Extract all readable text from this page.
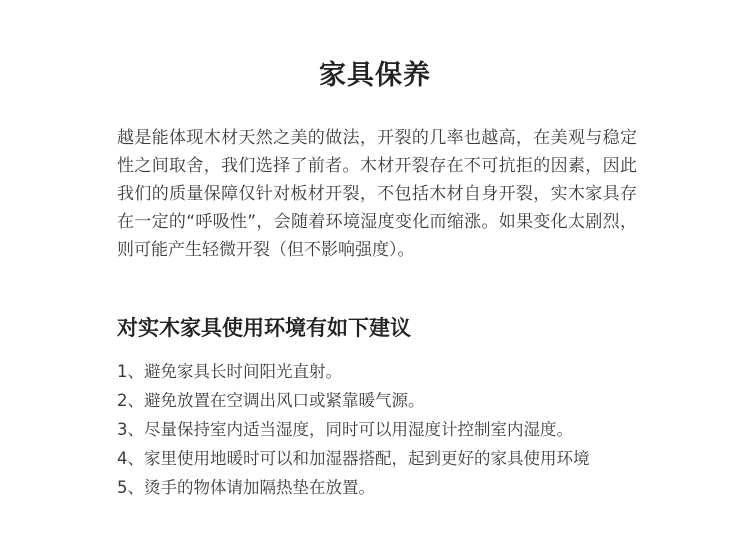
家具保养

越是能体现木材天然之美的做法，开裂的几率也越高，在美观与稳定性之间取舍，我们选择了前者。木材开裂存在不可抗拒的因素，因此我们的质量保障仅针对板材开裂，不包括木材自身开裂，实木家具存在一定的“呼吸性”，会随着环境湿度变化而缩涨。如果变化太剧烈，则可能产生轻微开裂（但不影响强度）。

对实木家具使用环境有如下建议
1、避免家具长时间阳光直射。
2、避免放置在空调出风口或紧靠暖气源。
3、尽量保持室内适当湿度，同时可以用湿度计控制室内湿度。
4、家里使用地暖时可以和加湿器搭配，起到更好的家具使用环境
5、烫手的物体请加隔热垫在放置。
